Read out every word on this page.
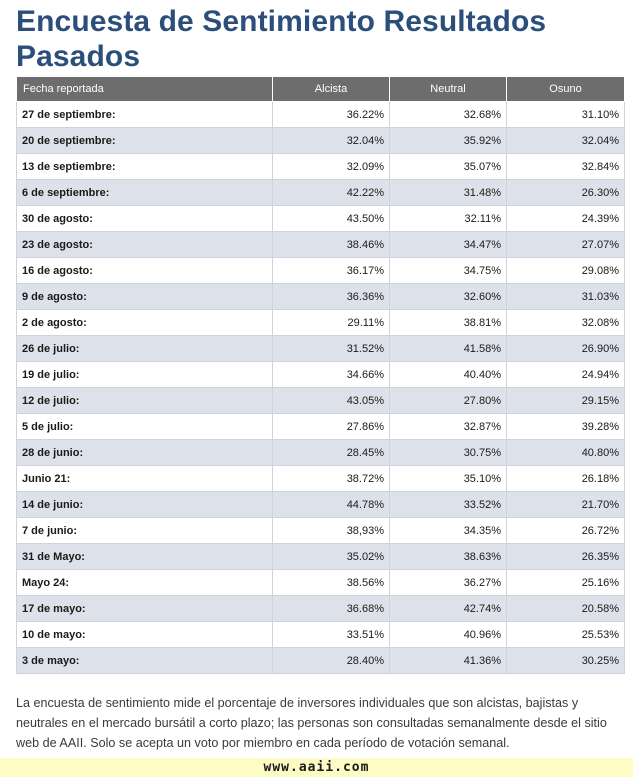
Encuesta de Sentimiento Resultados Pasados
Fecha reportada	Alcista	Neutral	Osuno
27 de septiembre:	36.22%	32.68%	31.10%
20 de septiembre:	32.04%	35.92%	32.04%
13 de septiembre:	32.09%	35.07%	32.84%
6 de septiembre:	42.22%	31.48%	26.30%
30 de agosto:	43.50%	32.11%	24.39%
23 de agosto:	38.46%	34.47%	27.07%
16 de agosto:	36.17%	34.75%	29.08%
9 de agosto:	36.36%	32.60%	31.03%
2 de agosto:	29.11%	38.81%	32.08%
26 de julio:	31.52%	41.58%	26.90%
19 de julio:	34.66%	40.40%	24.94%
12 de julio:	43.05%	27.80%	29.15%
5 de julio:	27.86%	32.87%	39.28%
28 de junio:	28.45%	30.75%	40.80%
Junio 21:	38.72%	35.10%	26.18%
14 de junio:	44.78%	33.52%	21.70%
7 de junio:	38,93%	34.35%	26.72%
31 de Mayo:	35.02%	38.63%	26.35%
Mayo 24:	38.56%	36.27%	25.16%
17 de mayo:	36.68%	42.74%	20.58%
10 de mayo:	33.51%	40.96%	25.53%
3 de mayo:	28.40%	41.36%	30.25%

La encuesta de sentimiento mide el porcentaje de inversores individuales que son alcistas, bajistas y neutrales en el mercado bursátil a corto plazo; las personas son consultadas semanalmente desde el sitio web de AAII. Solo se acepta un voto por miembro en cada período de votación semanal.

www.aaii.com
